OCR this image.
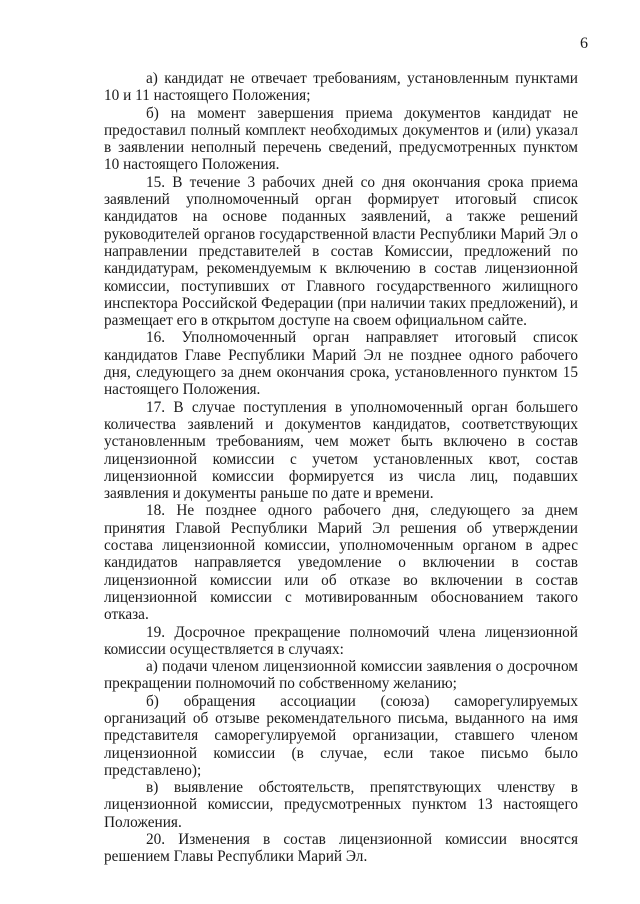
6

а) кандидат не отвечает требованиям, установленным пунктами 10 и 11 настоящего Положения;

б) на момент завершения приема документов кандидат не предоставил полный комплект необходимых документов и (или) указал в заявлении неполный перечень сведений, предусмотренных пунктом 10 настоящего Положения.

15. В течение 3 рабочих дней со дня окончания срока приема заявлений уполномоченный орган формирует итоговый список кандидатов на основе поданных заявлений, а также решений руководителей органов государственной власти Республики Марий Эл о направлении представителей в состав Комиссии, предложений по кандидатурам, рекомендуемым к включению в состав лицензионной комиссии, поступивших от Главного государственного жилищного инспектора Российской Федерации (при наличии таких предложений), и размещает его в открытом доступе на своем официальном сайте.

16. Уполномоченный орган направляет итоговый список кандидатов Главе Республики Марий Эл не позднее одного рабочего дня, следующего за днем окончания срока, установленного пунктом 15 настоящего Положения.

17. В случае поступления в уполномоченный орган большего количества заявлений и документов кандидатов, соответствующих установленным требованиям, чем может быть включено в состав лицензионной комиссии с учетом установленных квот, состав лицензионной комиссии формируется из числа лиц, подавших заявления и документы раньше по дате и времени.

18. Не позднее одного рабочего дня, следующего за днем принятия Главой Республики Марий Эл решения об утверждении состава лицензионной комиссии, уполномоченным органом в адрес кандидатов направляется уведомление о включении в состав лицензионной комиссии или об отказе во включении в состав лицензионной комиссии с мотивированным обоснованием такого отказа.

19. Досрочное прекращение полномочий члена лицензионной комиссии осуществляется в случаях:

а) подачи членом лицензионной комиссии заявления о досрочном прекращении полномочий по собственному желанию;

б) обращения ассоциации (союза) саморегулируемых организаций об отзыве рекомендательного письма, выданного на имя представителя саморегулируемой организации, ставшего членом лицензионной комиссии (в случае, если такое письмо было представлено);

в) выявление обстоятельств, препятствующих членству в лицензионной комиссии, предусмотренных пунктом 13 настоящего Положения.

20. Изменения в состав лицензионной комиссии вносятся решением Главы Республики Марий Эл.
